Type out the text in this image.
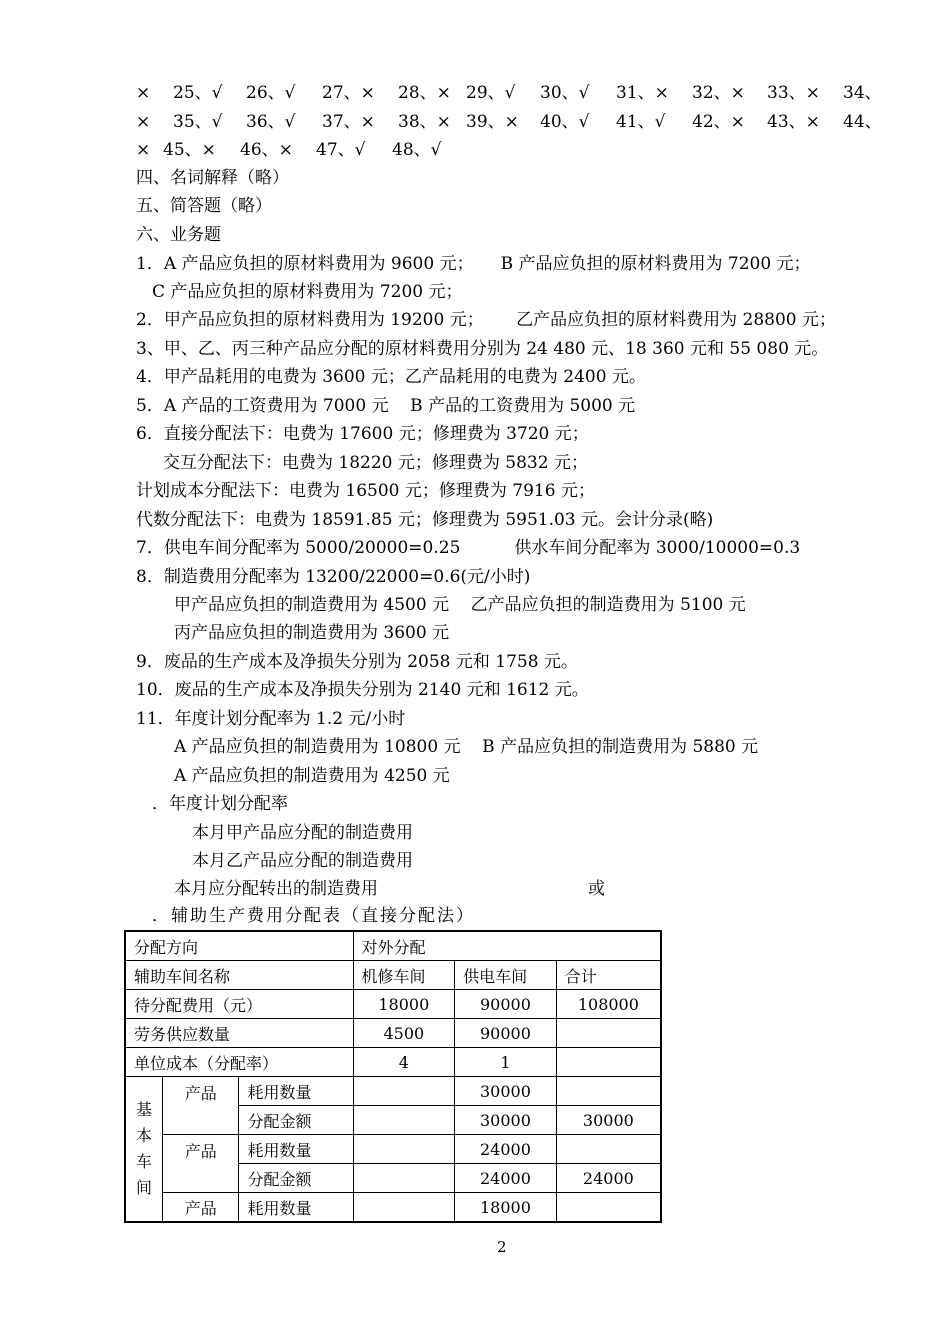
× 25、√ 26、√ 27、× 28、× 29、√ 30、√ 31、× 32、× 33、× 34、
× 35、√ 36、√ 37、× 38、× 39、× 40、√ 41、√ 42、× 43、× 44、
× 45、× 46、× 47、√ 48、√
四、名词解释（略）
五、简答题（略）
六、业务题
1．A 产品应负担的原材料费用为 9600 元；     B 产品应负担的原材料费用为 7200 元；
C 产品应负担的原材料费用为 7200 元；
2．甲产品应负担的原材料费用为 19200 元；      乙产品应负担的原材料费用为 28800 元；
3、甲、乙、丙三种产品应分配的原材料费用分别为 24 480 元、18 360 元和 55 080 元。
4．甲产品耗用的电费为 3600 元；乙产品耗用的电费为 2400 元。
5．A 产品的工资费用为 7000 元    B 产品的工资费用为 5000 元
6．直接分配法下：电费为 17600 元；修理费为 3720 元；
交互分配法下：电费为 18220 元；修理费为 5832 元；
计划成本分配法下：电费为 16500 元；修理费为 7916 元；
代数分配法下：电费为 18591.85 元；修理费为 5951.03 元。会计分录(略)
7．供电车间分配率为 5000/20000=0.25          供水车间分配率为 3000/10000=0.3
8．制造费用分配率为 13200/22000=0.6(元/小时)
甲产品应负担的制造费用为 4500 元    乙产品应负担的制造费用为 5100 元
丙产品应负担的制造费用为 3600 元
9．废品的生产成本及净损失分别为 2058 元和 1758 元。
10．废品的生产成本及净损失分别为 2140 元和 1612 元。
11．年度计划分配率为 1.2 元/小时
A 产品应负担的制造费用为 10800 元    B 产品应负担的制造费用为 5880 元
A 产品应负担的制造费用为 4250 元
．年度计划分配率
本月甲产品应分配的制造费用
本月乙产品应分配的制造费用
本月应分配转出的制造费用	或
．辅助生产费用分配表（直接分配法）
分配方向			对外分配		
辅助车间名称			机修车间	供电车间	合计
待分配费用（元）			18000	90000	108000
劳务供应数量			4500	90000	
单位成本（分配率）			4	1	

基
本
车
间	产品	耗用数量		30000	
		分配金额		30000	30000
	产品	耗用数量		24000	
		分配金额		24000	24000
	产品	耗用数量		18000	
2
